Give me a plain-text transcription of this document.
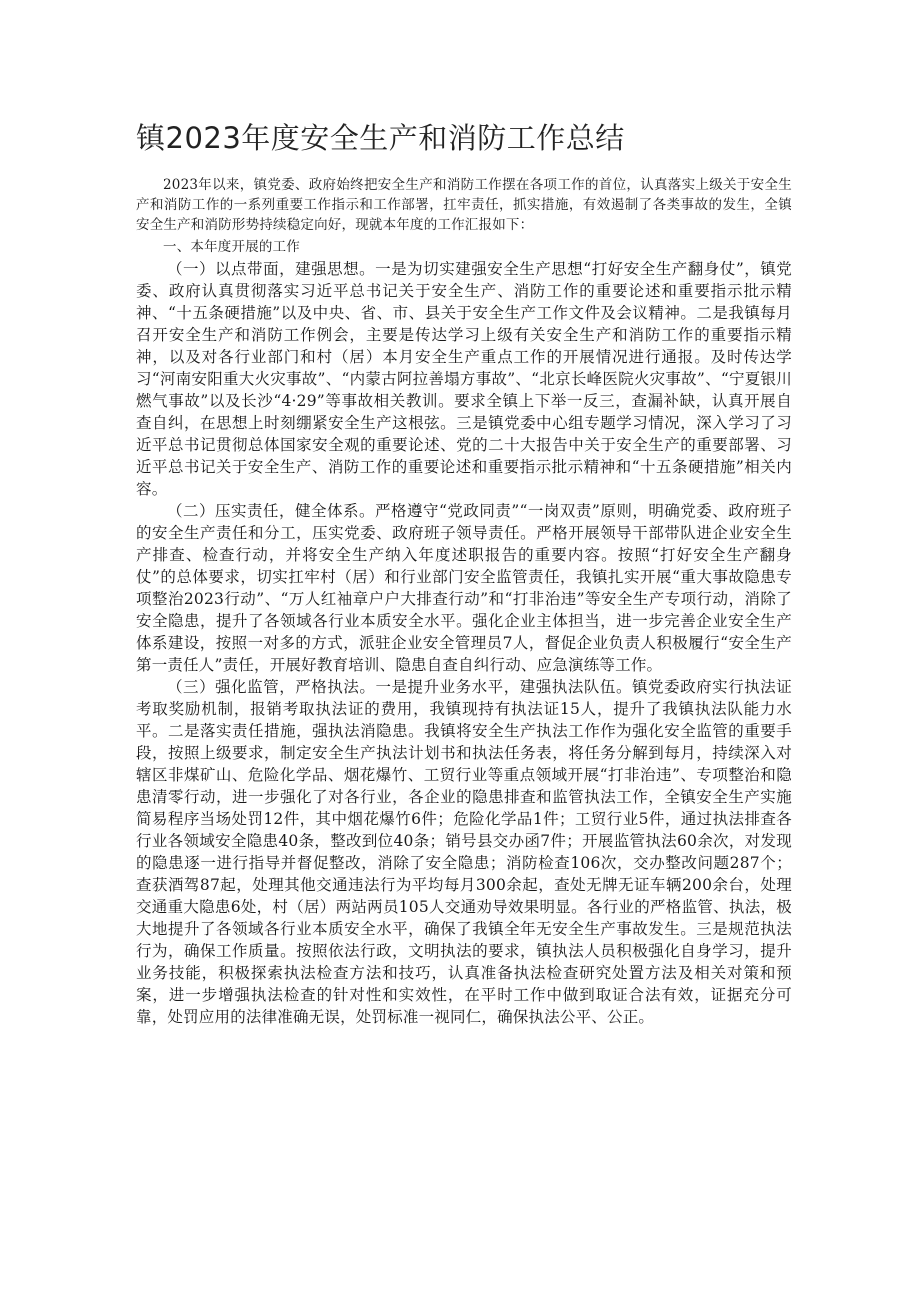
镇2023年度安全生产和消防工作总结

2023年以来，镇党委、政府始终把安全生产和消防工作摆在各项工作的首位，认真落实上级关于安全生产和消防工作的一系列重要工作指示和工作部署，扛牢责任，抓实措施，有效遏制了各类事故的发生，全镇安全生产和消防形势持续稳定向好，现就本年度的工作汇报如下：

一、本年度开展的工作

（一）以点带面，建强思想。一是为切实建强安全生产思想“打好安全生产翻身仗”，镇党委、政府认真贯彻落实习近平总书记关于安全生产、消防工作的重要论述和重要指示批示精神、“十五条硬措施”以及中央、省、市、县关于安全生产工作文件及会议精神。二是我镇每月召开安全生产和消防工作例会，主要是传达学习上级有关安全生产和消防工作的重要指示精神，以及对各行业部门和村（居）本月安全生产重点工作的开展情况进行通报。及时传达学习“河南安阳重大火灾事故”、“内蒙古阿拉善塌方事故”、“北京长峰医院火灾事故”、“宁夏银川燃气事故”以及长沙“4·29”等事故相关教训。要求全镇上下举一反三，查漏补缺，认真开展自查自纠，在思想上时刻绷紧安全生产这根弦。三是镇党委中心组专题学习情况，深入学习了习近平总书记贯彻总体国家安全观的重要论述、党的二十大报告中关于安全生产的重要部署、习近平总书记关于安全生产、消防工作的重要论述和重要指示批示精神和“十五条硬措施”相关内容。

（二）压实责任，健全体系。严格遵守“党政同责”“一岗双责”原则，明确党委、政府班子的安全生产责任和分工，压实党委、政府班子领导责任。严格开展领导干部带队进企业安全生产排查、检查行动，并将安全生产纳入年度述职报告的重要内容。按照“打好安全生产翻身仗”的总体要求，切实扛牢村（居）和行业部门安全监管责任，我镇扎实开展“重大事故隐患专项整治2023行动”、“万人红袖章户户大排查行动”和“打非治违”等安全生产专项行动，消除了安全隐患，提升了各领域各行业本质安全水平。强化企业主体担当，进一步完善企业安全生产体系建设，按照一对多的方式，派驻企业安全管理员7人，督促企业负责人积极履行“安全生产第一责任人”责任，开展好教育培训、隐患自查自纠行动、应急演练等工作。

（三）强化监管，严格执法。一是提升业务水平，建强执法队伍。镇党委政府实行执法证考取奖励机制，报销考取执法证的费用，我镇现持有执法证15人，提升了我镇执法队能力水平。二是落实责任措施，强执法消隐患。我镇将安全生产执法工作作为强化安全监管的重要手段，按照上级要求，制定安全生产执法计划书和执法任务表，将任务分解到每月，持续深入对辖区非煤矿山、危险化学品、烟花爆竹、工贸行业等重点领域开展“打非治违”、专项整治和隐患清零行动，进一步强化了对各行业，各企业的隐患排查和监管执法工作，全镇安全生产实施简易程序当场处罚12件，其中烟花爆竹6件；危险化学品1件；工贸行业5件，通过执法排查各行业各领域安全隐患40条，整改到位40条；销号县交办函7件；开展监管执法60余次，对发现的隐患逐一进行指导并督促整改，消除了安全隐患；消防检查106次，交办整改问题287个；查获酒驾87起，处理其他交通违法行为平均每月300余起，查处无牌无证车辆200余台，处理交通重大隐患6处，村（居）两站两员105人交通劝导效果明显。各行业的严格监管、执法，极大地提升了各领域各行业本质安全水平，确保了我镇全年无安全生产事故发生。三是规范执法行为，确保工作质量。按照依法行政，文明执法的要求，镇执法人员积极强化自身学习，提升业务技能，积极探索执法检查方法和技巧，认真准备执法检查研究处置方法及相关对策和预案，进一步增强执法检查的针对性和实效性，在平时工作中做到取证合法有效，证据充分可靠，处罚应用的法律准确无误，处罚标准一视同仁，确保执法公平、公正。
